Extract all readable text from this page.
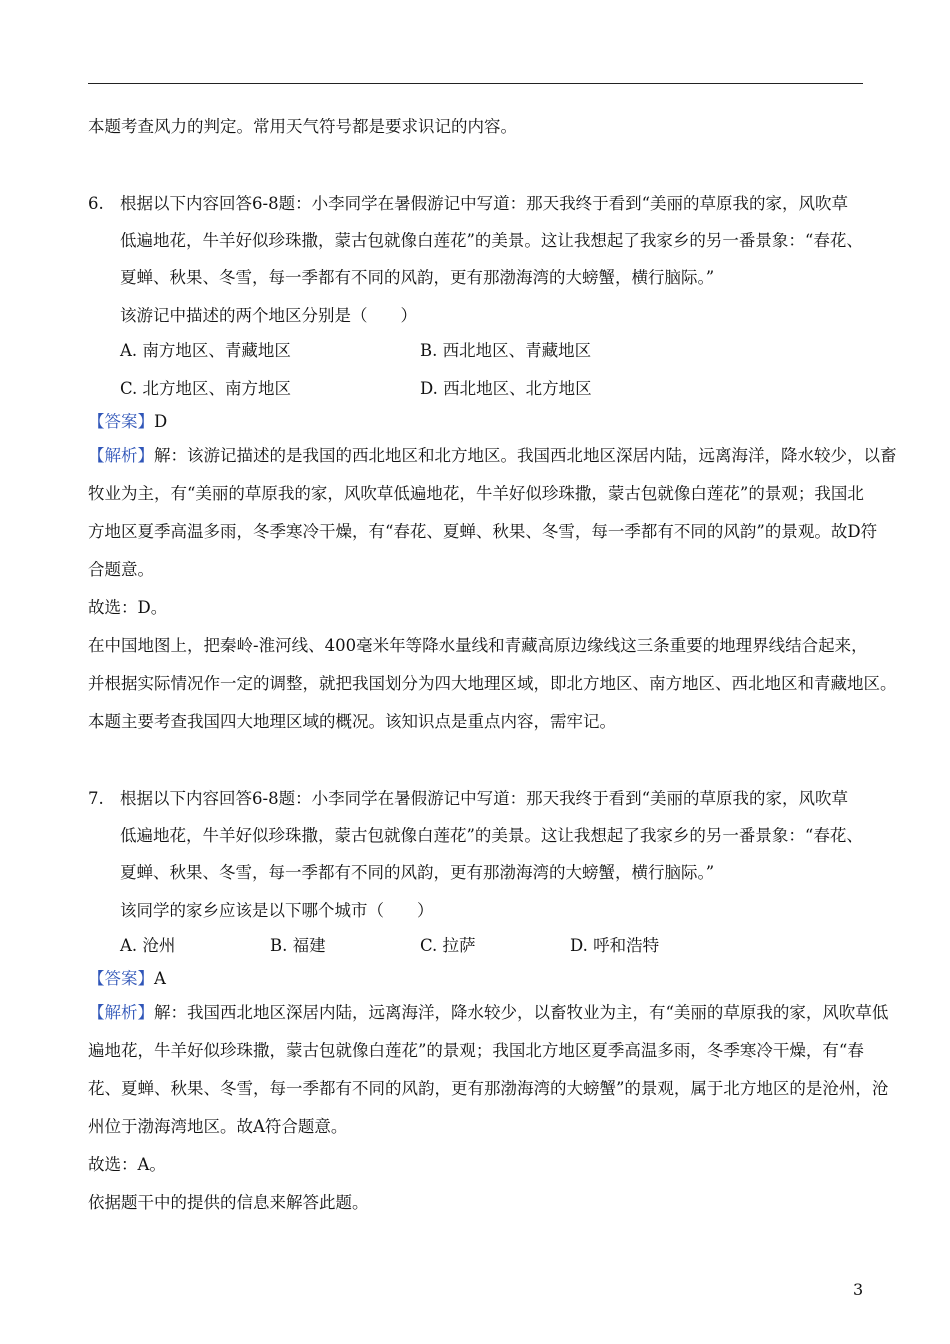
本题考查风力的判定。常用天气符号都是要求识记的内容。
6. 根据以下内容回答6-8题：小李同学在暑假游记中写道：那天我终于看到“美丽的草原我的家，风吹草
低遍地花，牛羊好似珍珠撒，蒙古包就像白莲花”的美景。这让我想起了我家乡的另一番景象：“春花、
夏蝉、秋果、冬雪，每一季都有不同的风韵，更有那渤海湾的大螃蟹，横行脑际。”
该游记中描述的两个地区分别是（　　）
A. 南方地区、青藏地区	B. 西北地区、青藏地区
C. 北方地区、南方地区	D. 西北地区、北方地区
【答案】D
【解析】解：该游记描述的是我国的西北地区和北方地区。我国西北地区深居内陆，远离海洋，降水较少，以畜
牧业为主，有“美丽的草原我的家，风吹草低遍地花，牛羊好似珍珠撒，蒙古包就像白莲花”的景观；我国北
方地区夏季高温多雨，冬季寒冷干燥，有“春花、夏蝉、秋果、冬雪，每一季都有不同的风韵”的景观。故D符
合题意。
故选：D。
在中国地图上，把秦岭-淮河线、400毫米年等降水量线和青藏高原边缘线这三条重要的地理界线结合起来，
并根据实际情况作一定的调整，就把我国划分为四大地理区域，即北方地区、南方地区、西北地区和青藏地区。
本题主要考查我国四大地理区域的概况。该知识点是重点内容，需牢记。
7. 根据以下内容回答6-8题：小李同学在暑假游记中写道：那天我终于看到“美丽的草原我的家，风吹草
低遍地花，牛羊好似珍珠撒，蒙古包就像白莲花”的美景。这让我想起了我家乡的另一番景象：“春花、
夏蝉、秋果、冬雪，每一季都有不同的风韵，更有那渤海湾的大螃蟹，横行脑际。”
该同学的家乡应该是以下哪个城市（　　）
A. 沧州	B. 福建	C. 拉萨	D. 呼和浩特
【答案】A
【解析】解：我国西北地区深居内陆，远离海洋，降水较少，以畜牧业为主，有“美丽的草原我的家，风吹草低
遍地花，牛羊好似珍珠撒，蒙古包就像白莲花”的景观；我国北方地区夏季高温多雨，冬季寒冷干燥，有“春
花、夏蝉、秋果、冬雪，每一季都有不同的风韵，更有那渤海湾的大螃蟹”的景观，属于北方地区的是沧州，沧
州位于渤海湾地区。故A符合题意。
故选：A。
依据题干中的提供的信息来解答此题。
3
